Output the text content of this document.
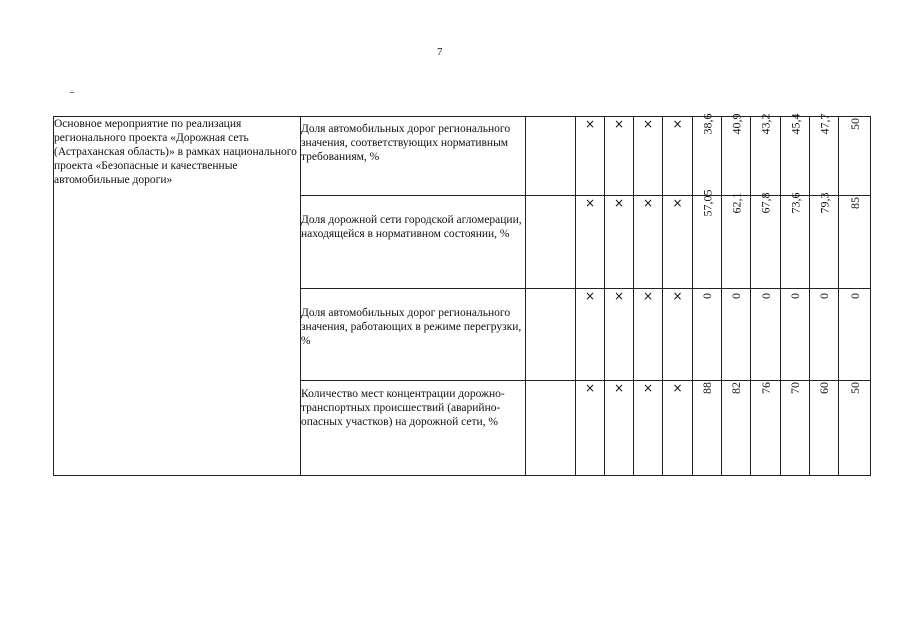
7
Основное мероприятие по реализация регионального проекта «Дорожная сеть (Астраханская область)» в рамках национального проекта «Безопасные и качественные автомобильные дороги»	Доля автомобильных дорог регионального значения, соответствующих нормативным требованиям, %		×	×	×	×	38,6	40,9	43,2	45,4	47,7	50
	Доля дорожной сети городской агломерации, находящейся в нормативном состоянии, %		×	×	×	×	57,05	62,1	67,8	73,6	79,3	85
	Доля автомобильных дорог регионального значения, работающих в режиме перегрузки, %		×	×	×	×	0	0	0	0	0	0
	Количество мест концентрации дорожно-транспортных происшествий (аварийно-опасных участков) на дорожной сети, %		×	×	×	×	88	82	76	70	60	50
